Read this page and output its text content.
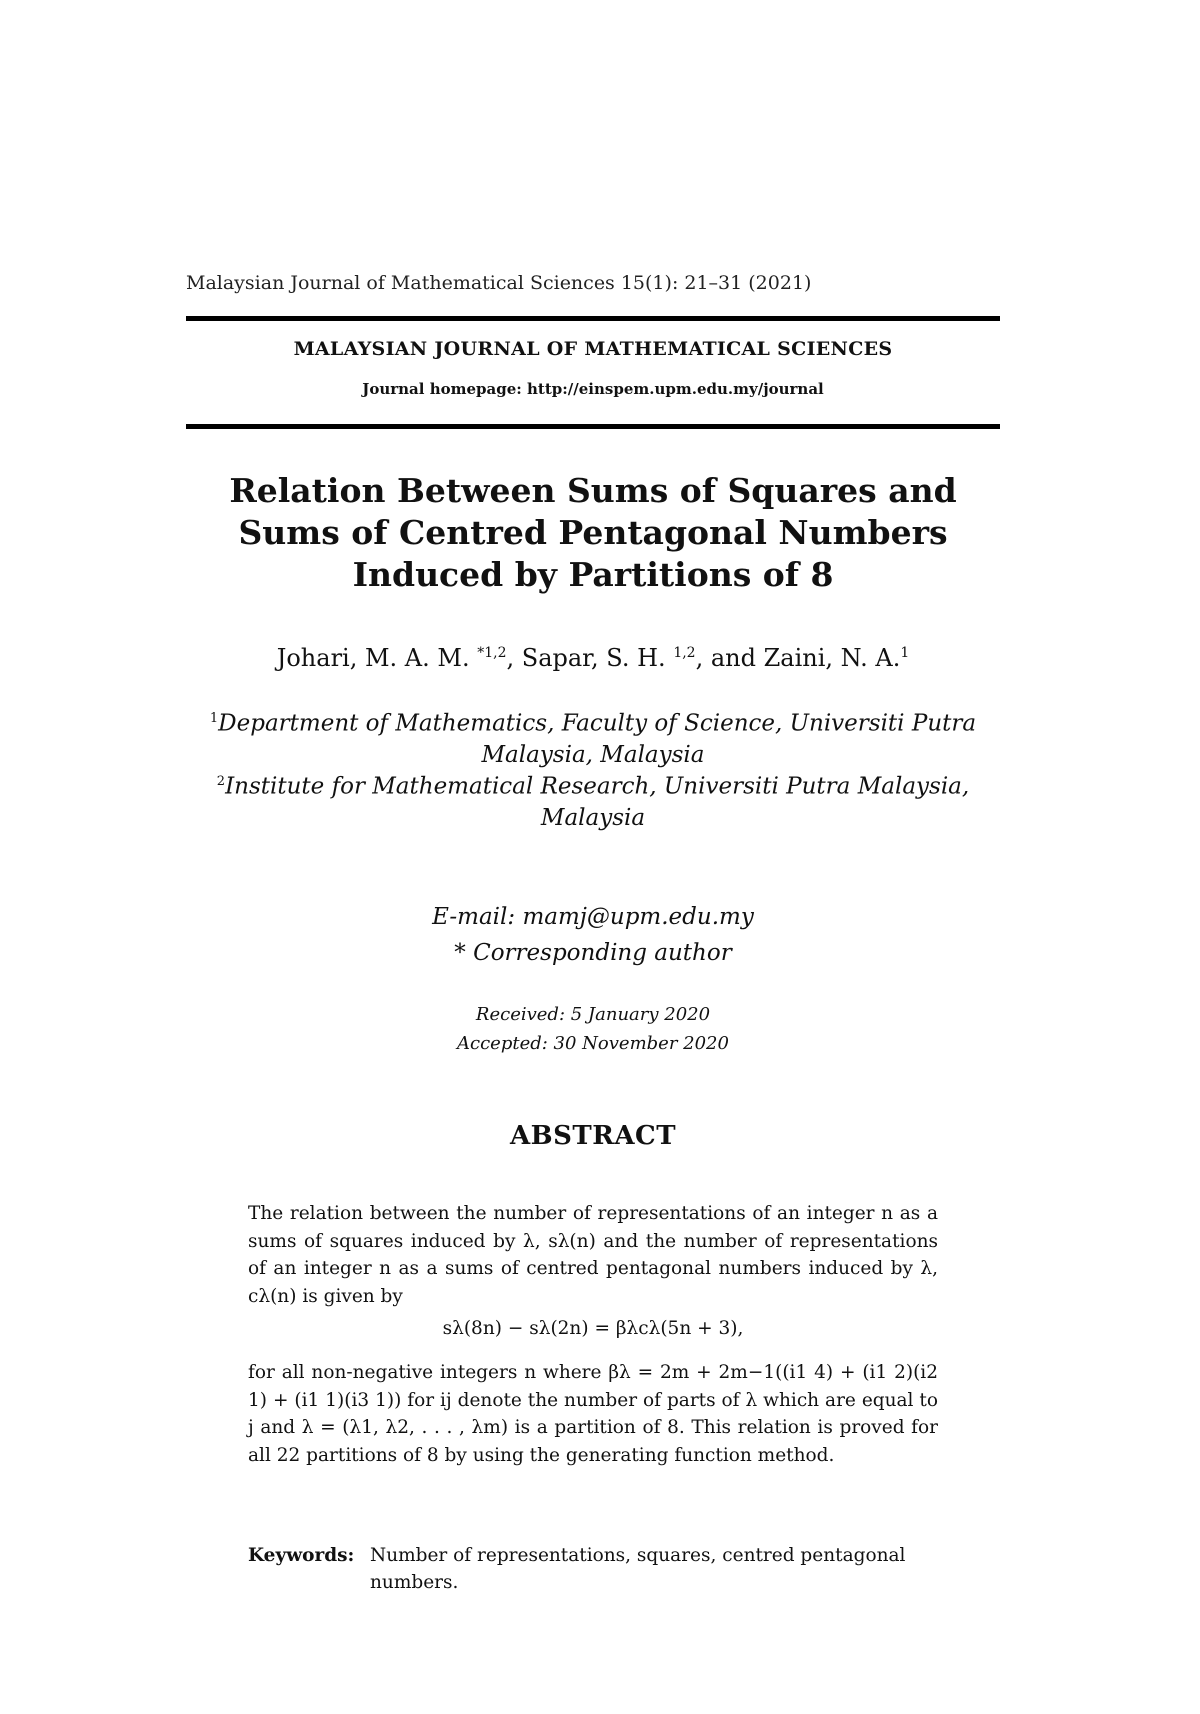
Malaysian Journal of Mathematical Sciences 15(1): 21–31 (2021)
MALAYSIAN JOURNAL OF MATHEMATICAL SCIENCES
Journal homepage: http://einspem.upm.edu.my/journal
Relation Between Sums of Squares and Sums of Centred Pentagonal Numbers Induced by Partitions of 8
Johari, M. A. M. $^{*1,2}$, Sapar, S. H. $^{1,2}$, and Zaini, N. A.$^1$
$^1$Department of Mathematics, Faculty of Science, Universiti Putra Malaysia, Malaysia
$^2$Institute for Mathematical Research, Universiti Putra Malaysia, Malaysia
E-mail: mamj@upm.edu.my
* Corresponding author
Received: 5 January 2020
Accepted: 30 November 2020
ABSTRACT
The relation between the number of representations of an integer n as a sums of squares induced by λ, sλ(n) and the number of representations of an integer n as a sums of centred pentagonal numbers induced by λ, cλ(n) is given by
sλ(8n) − sλ(2n) = βλcλ(5n + 3),
for all non-negative integers n where βλ = 2m + 2m−1((i1 4) + (i1 2)(i2 1) + (i1 1)(i3 1)) for ij denote the number of parts of λ which are equal to j and λ = (λ1, λ2, . . . , λm) is a partition of 8. This relation is proved for all 22 partitions of 8 by using the generating function method.
Keywords: Number of representations, squares, centred pentagonal numbers.
